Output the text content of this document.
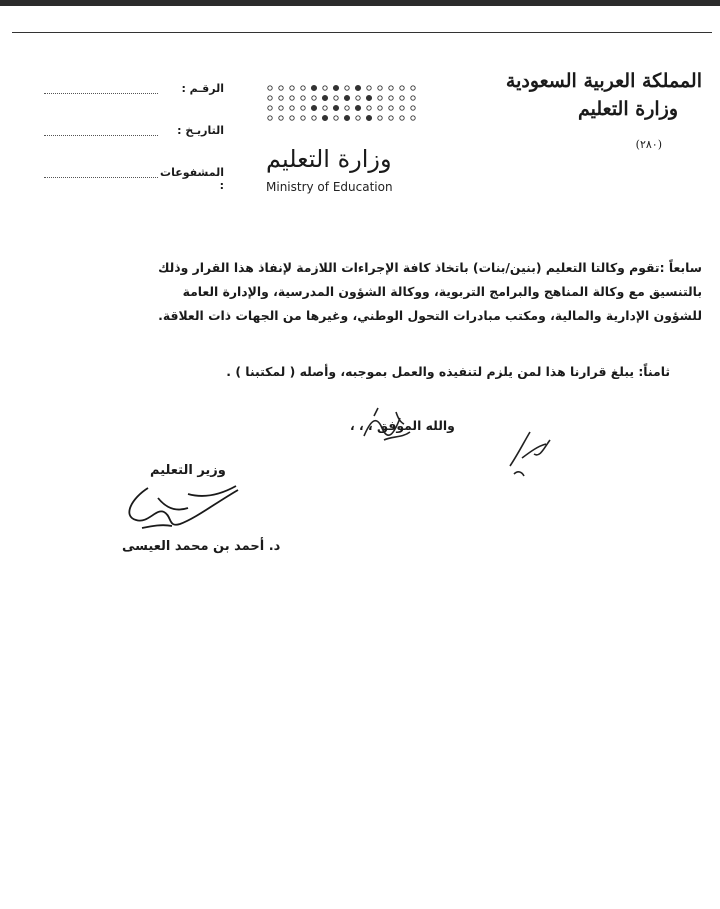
المملكة العربية السعودية
وزارة التعليم
(٢٨٠)
وزارة التعليم
Ministry of Education
الرقـم :
التاريـخ :
المشفوعات :

سابعاً :تقوم وكالتا التعليم (بنين/بنات) باتخاذ كافة الإجراءات اللازمة لإنفاذ هذا القرار وذلك

بالتنسيق مع وكالة المناهج والبرامج التربوية، ووكالة الشؤون المدرسية، والإدارة العامة

للشؤون الإدارية والمالية، ومكتب مبادرات التحول الوطني، وغيرها من الجهات ذات العلاقة.

ثامناً: يبلغ قرارنا هذا لمن يلزم لتنفيذه والعمل بموجبه، وأصله ( لمكتبنا ) .
والله الموفق ، ، ،
وزير التعليم
د. أحمد بن محمد العيسى
